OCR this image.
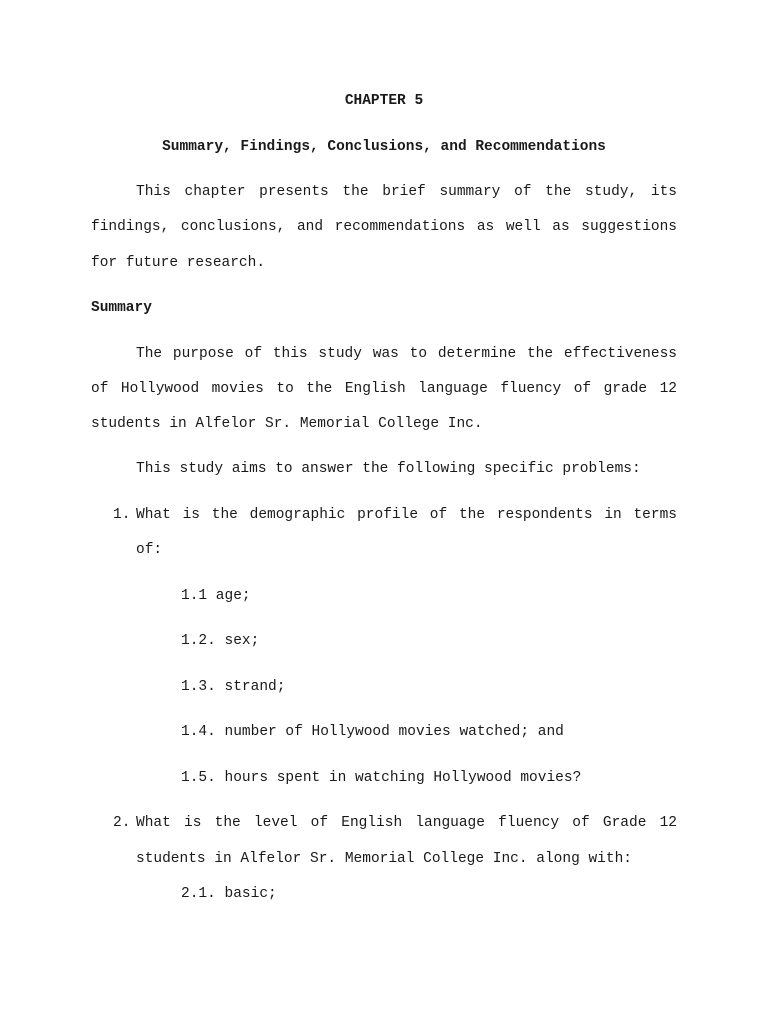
CHAPTER 5
Summary, Findings, Conclusions, and Recommendations
This chapter presents the brief summary of the study, its
findings, conclusions, and recommendations as well as suggestions
for future research.
Summary
The purpose of this study was to determine the effectiveness
of Hollywood movies to the English language fluency of grade 12
students in Alfelor Sr. Memorial College Inc.
This study aims to answer the following specific problems:
1. What is the demographic profile of the respondents in terms
of:
1.1 age;
1.2. sex;
1.3. strand;
1.4. number of Hollywood movies watched; and
1.5. hours spent in watching Hollywood movies?
2. What is the level of English language fluency of Grade 12
students in Alfelor Sr. Memorial College Inc. along with:
2.1. basic;
